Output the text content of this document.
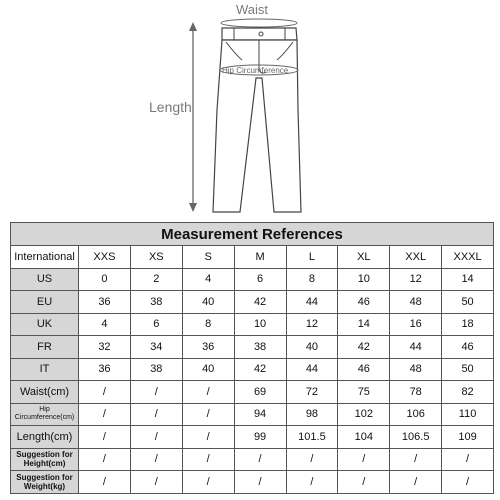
Waist
Hip Circumference
Length
Measurement References								
International	XXS	XS	S	M	L	XL	XXL	XXXL
US	0	2	4	6	8	10	12	14
EU	36	38	40	42	44	46	48	50
UK	4	6	8	10	12	14	16	18
FR	32	34	36	38	40	42	44	46
IT	36	38	40	42	44	46	48	50
Waist(cm)	/	/	/	69	72	75	78	82
Hip Circumference(cm)	/	/	/	94	98	102	106	110
Length(cm)	/	/	/	99	101.5	104	106.5	109
Suggestion for Height(cm)	/	/	/	/	/	/	/	/
Suggestion for Weight(kg)	/	/	/	/	/	/	/	/
